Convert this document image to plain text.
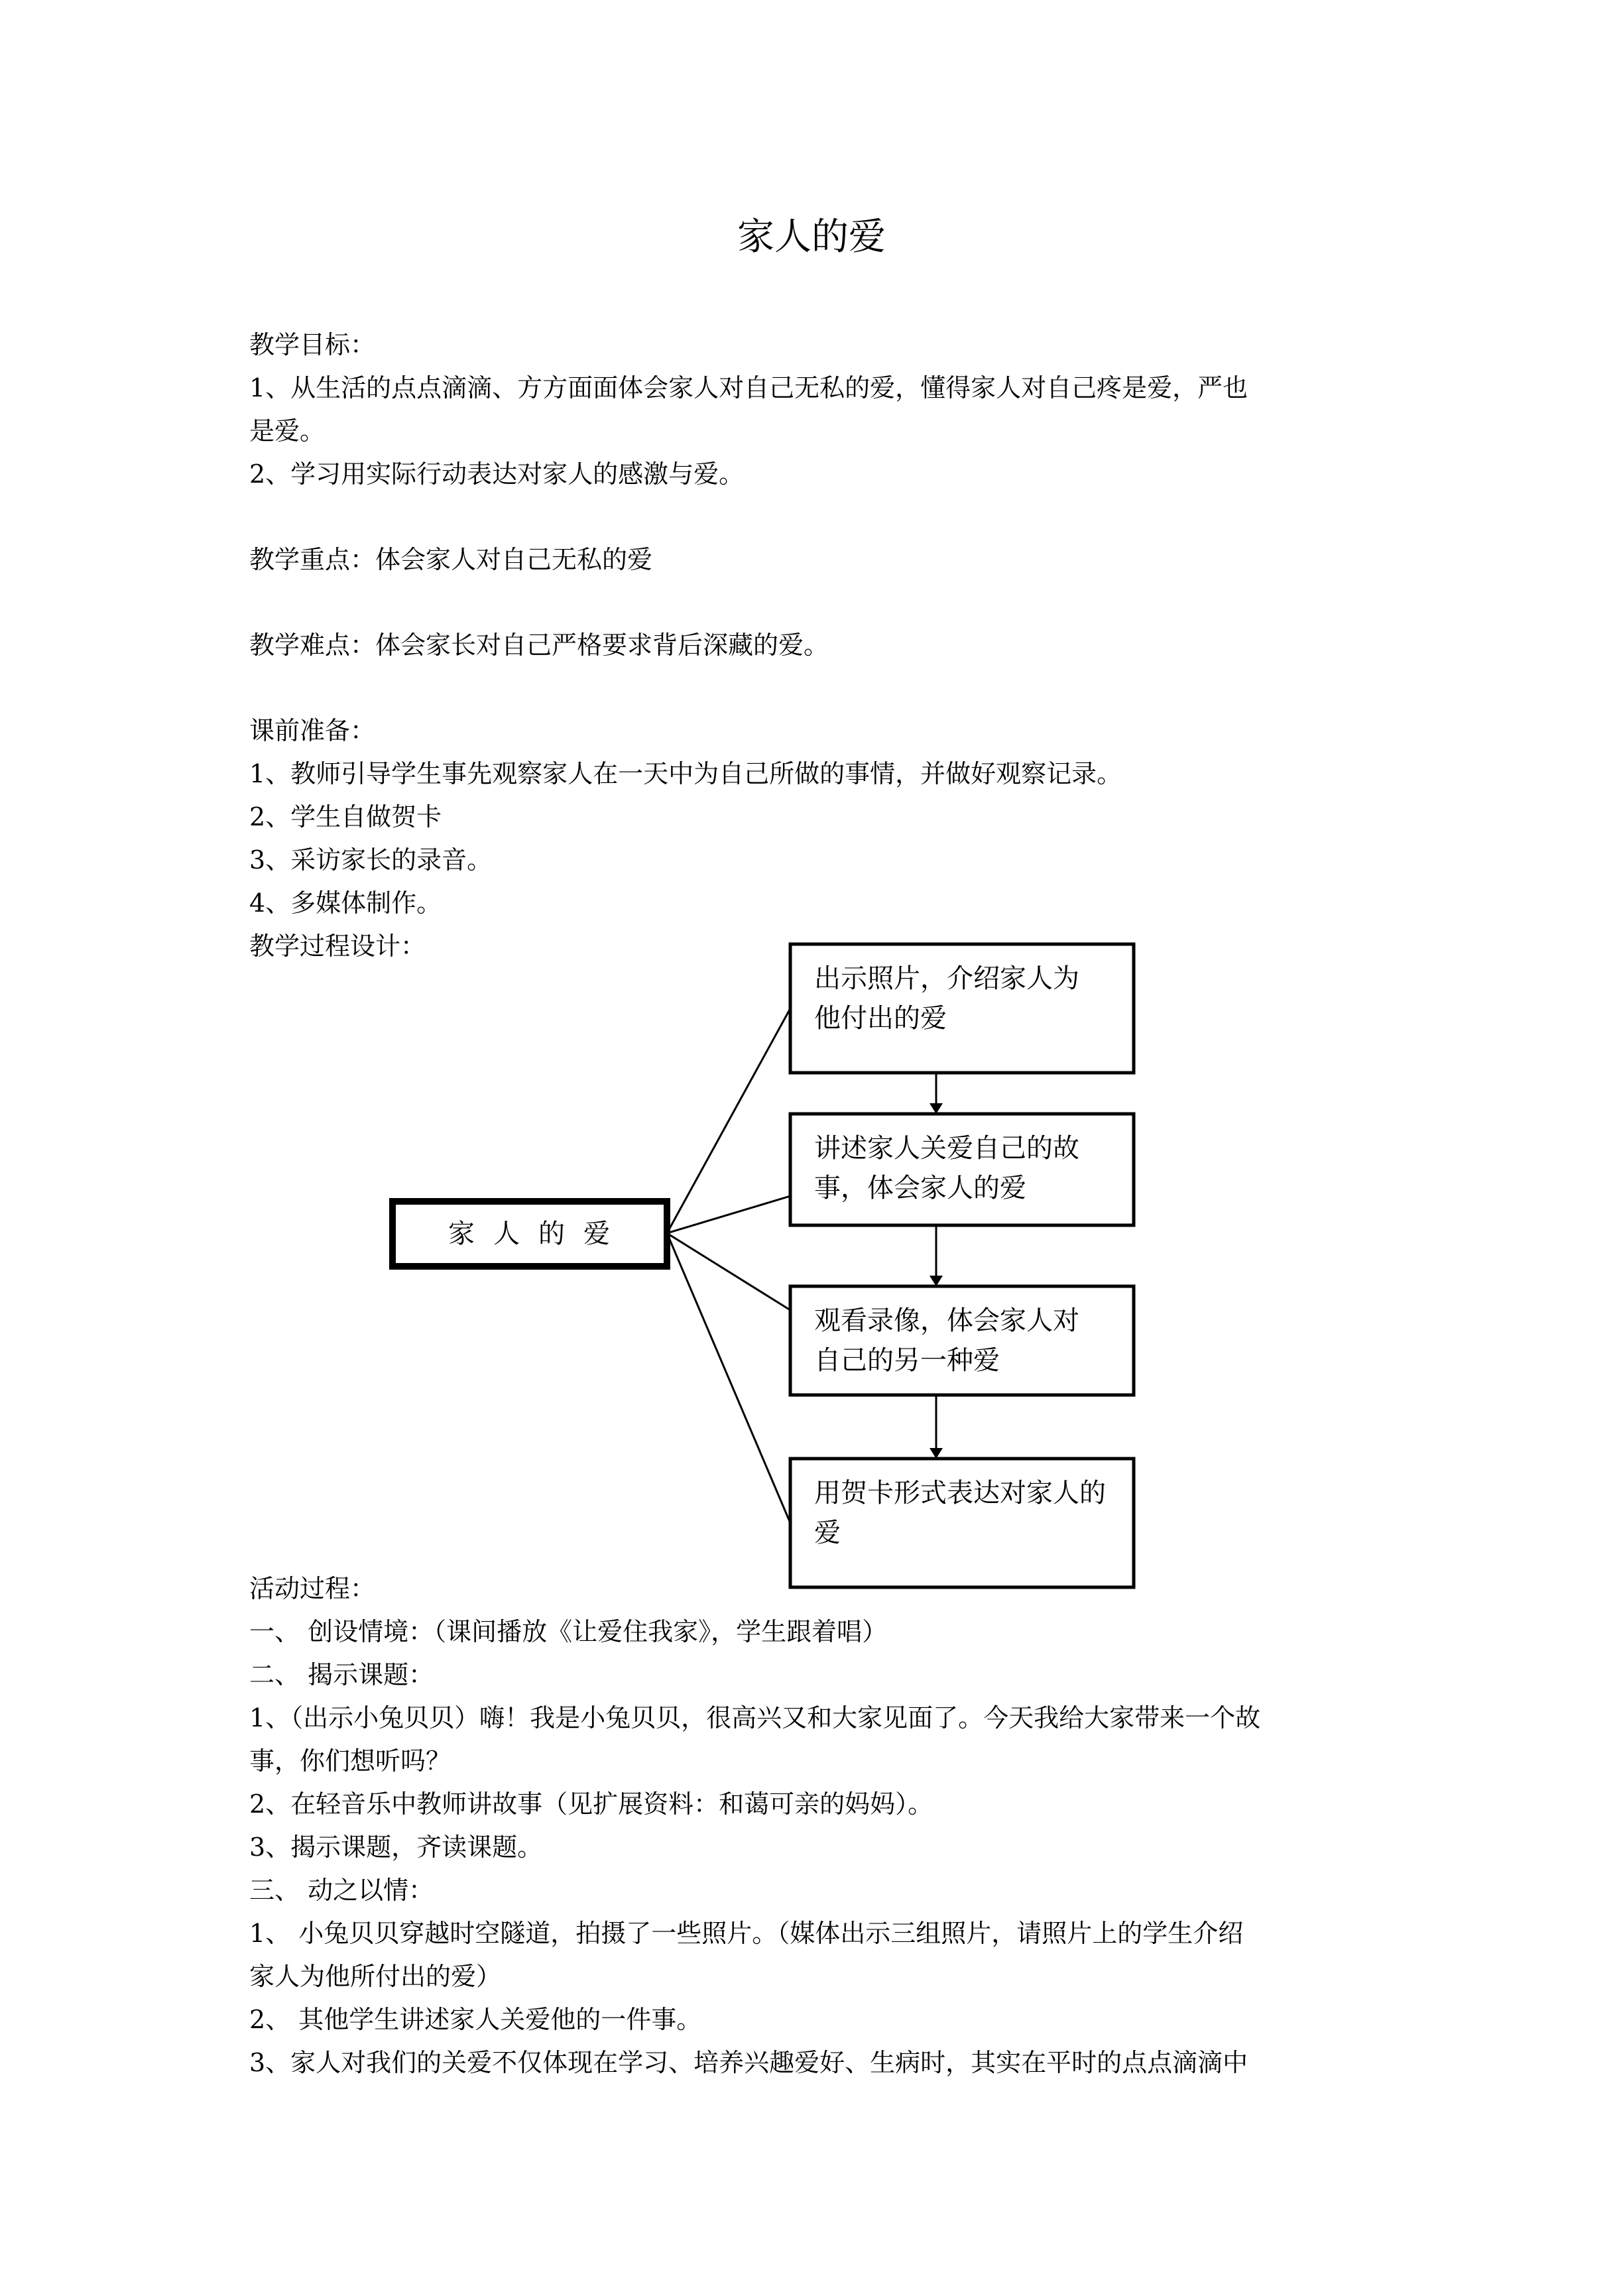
家人的爱
教学目标：
1、从生活的点点滴滴、方方面面体会家人对自己无私的爱，懂得家人对自己疼是爱，严也
是爱。
2、学习用实际行动表达对家人的感激与爱。
教学重点：体会家人对自己无私的爱
教学难点：体会家长对自己严格要求背后深藏的爱。
课前准备：
1、教师引导学生事先观察家人在一天中为自己所做的事情，并做好观察记录。
2、学生自做贺卡
3、采访家长的录音。
4、多媒体制作。
教学过程设计：
家人的爱
出示照片，介绍家人为
他付出的爱
讲述家人关爱自己的故
事，体会家人的爱
观看录像，体会家人对
自己的另一种爱
用贺卡形式表达对家人的
爱
活动过程：
一、 创设情境：（课间播放《让爱住我家》，学生跟着唱）
二、 揭示课题：
1、（出示小兔贝贝）嗨！我是小兔贝贝，很高兴又和大家见面了。今天我给大家带来一个故
事，你们想听吗？
2、在轻音乐中教师讲故事（见扩展资料：和蔼可亲的妈妈）。
3、揭示课题，齐读课题。
三、 动之以情：
1、 小兔贝贝穿越时空隧道，拍摄了一些照片。（媒体出示三组照片，请照片上的学生介绍
家人为他所付出的爱）
2、 其他学生讲述家人关爱他的一件事。
3、家人对我们的关爱不仅体现在学习、培养兴趣爱好、生病时，其实在平时的点点滴滴中
